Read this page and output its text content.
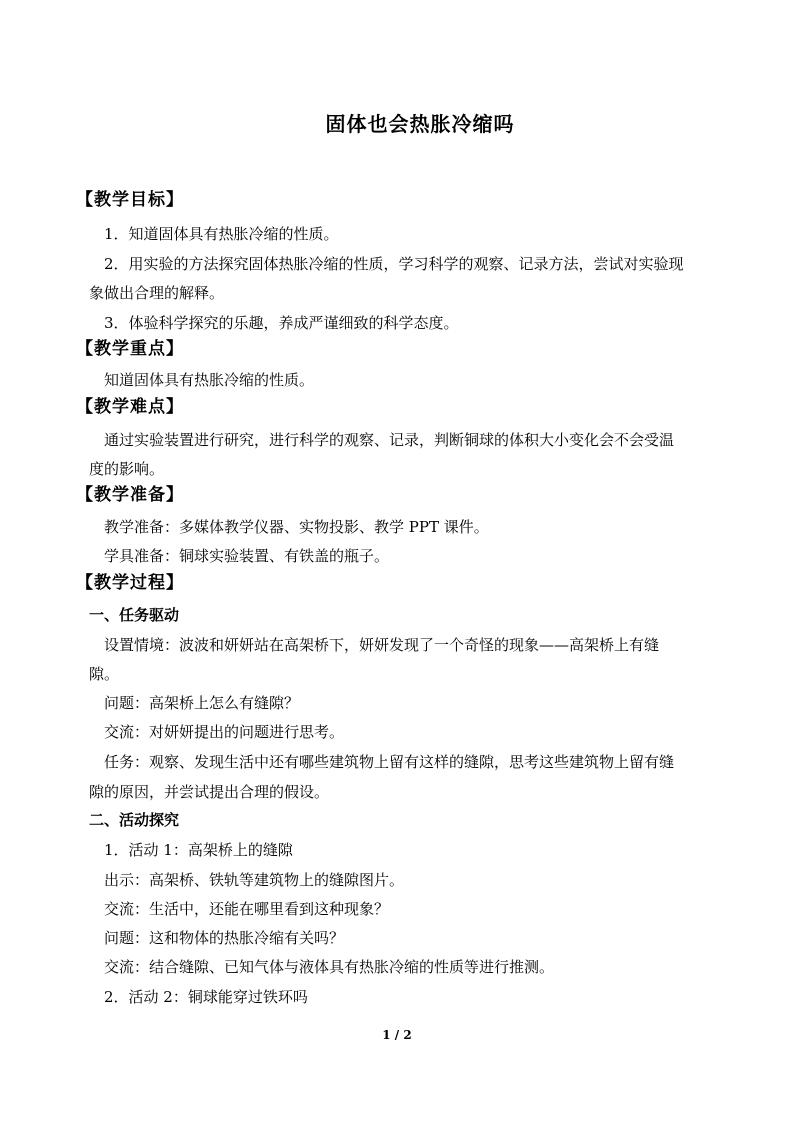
固体也会热胀冷缩吗
【教学目标】
1．知道固体具有热胀冷缩的性质。
2．用实验的方法探究固体热胀冷缩的性质，学习科学的观察、记录方法，尝试对实验现
象做出合理的解释。
3．体验科学探究的乐趣，养成严谨细致的科学态度。
【教学重点】
知道固体具有热胀冷缩的性质。
【教学难点】
通过实验装置进行研究，进行科学的观察、记录，判断铜球的体积大小变化会不会受温
度的影响。
【教学准备】
教学准备：多媒体教学仪器、实物投影、教学 PPT 课件。
学具准备：铜球实验装置、有铁盖的瓶子。
【教学过程】
一、任务驱动
设置情境：波波和妍妍站在高架桥下，妍妍发现了一个奇怪的现象——高架桥上有缝
隙。
问题：高架桥上怎么有缝隙？
交流：对妍妍提出的问题进行思考。
任务：观察、发现生活中还有哪些建筑物上留有这样的缝隙，思考这些建筑物上留有缝
隙的原因，并尝试提出合理的假设。
二、活动探究
1．活动 1：高架桥上的缝隙
出示：高架桥、铁轨等建筑物上的缝隙图片。
交流：生活中，还能在哪里看到这种现象？
问题：这和物体的热胀冷缩有关吗？
交流：结合缝隙、已知气体与液体具有热胀冷缩的性质等进行推测。
2．活动 2：铜球能穿过铁环吗
1 / 2
